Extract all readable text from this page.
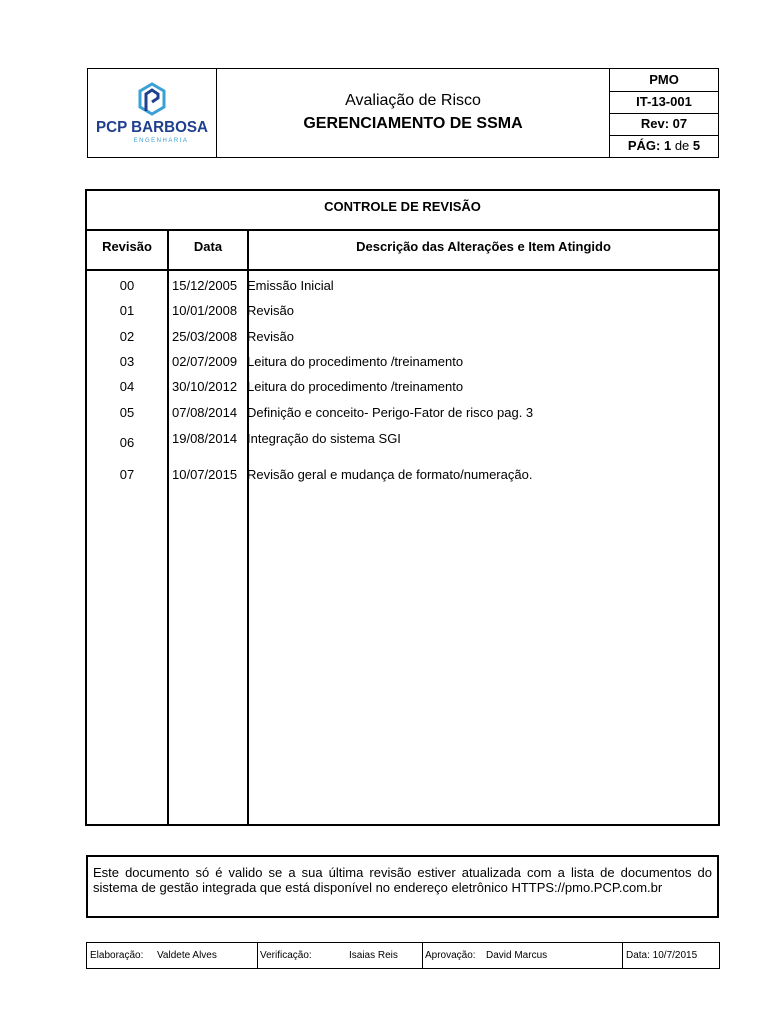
PCP BARBOSA
ENGENHARIA
Avaliação de Risco
GERENCIAMENTO DE SSMA
PMO
IT-13-001
Rev: 07
PÁG: 1 de 5
CONTROLE DE REVISÃO
Revisão	Data	Descrição das Alterações e Item Atingido
00	15/12/2005 Emissão Inicial
01	10/01/2008 Revisão
02	25/03/2008 Revisão
03	02/07/2009 Leitura do procedimento /treinamento
04	30/10/2012 Leitura do procedimento /treinamento
05	07/08/2014 Definição e conceito- Perigo-Fator de risco pag. 3
06	19/08/2014 Integração do sistema SGI
07	10/07/2015 Revisão geral e mudança de formato/numeração.
Este documento só é valido se a sua última revisão estiver atualizada com a lista de documentos do sistema de gestão integrada que está disponível no endereço eletrônico HTTPS://pmo.PCP.com.br
Elaboração: Valdete Alves	Verificação:	Isaias Reis	Aprovação: David Marcus	Data: 10/7/2015
